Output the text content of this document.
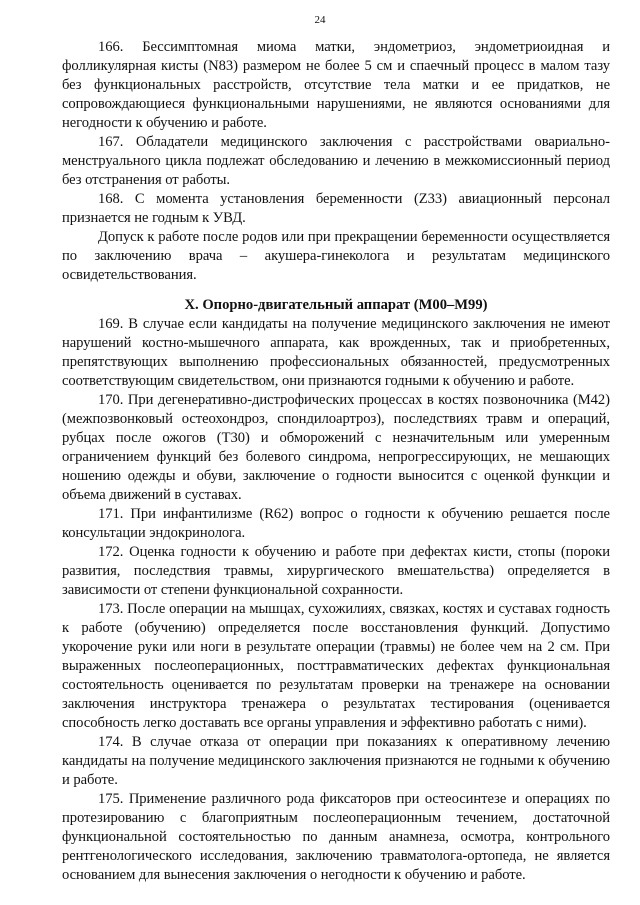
24

166. Бессимптомная миома матки, эндометриоз, эндометриоидная и фолликулярная кисты (N83) размером не более 5 см и спаечный процесс в малом тазу без функциональных расстройств, отсутствие тела матки и ее придатков, не сопровождающиеся функциональными нарушениями, не являются основаниями для негодности к обучению и работе.

167. Обладатели медицинского заключения с расстройствами овариально-менструального цикла подлежат обследованию и лечению в межкомиссионный период без отстранения от работы.

168. С момента установления беременности (Z33) авиационный персонал признается не годным к УВД.

Допуск к работе после родов или при прекращении беременности осуществляется по заключению врача – акушера-гинеколога и результатам медицинского освидетельствования.

X. Опорно-двигательный аппарат (M00–M99)

169. В случае если кандидаты на получение медицинского заключения не имеют нарушений костно-мышечного аппарата, как врожденных, так и приобретенных, препятствующих выполнению профессиональных обязанностей, предусмотренных соответствующим свидетельством, они признаются годными к обучению и работе.

170. При дегенеративно-дистрофических процессах в костях позвоночника (M42) (межпозвонковый остеохондроз, спондилоартроз), последствиях травм и операций, рубцах после ожогов (T30) и обморожений с незначительным или умеренным ограничением функций без болевого синдрома, непрогрессирующих, не мешающих ношению одежды и обуви, заключение о годности выносится с оценкой функции и объема движений в суставах.

171. При инфантилизме (R62) вопрос о годности к обучению решается после консультации эндокринолога.

172. Оценка годности к обучению и работе при дефектах кисти, стопы (пороки развития, последствия травмы, хирургического вмешательства) определяется в зависимости от степени функциональной сохранности.

173. После операции на мышцах, сухожилиях, связках, костях и суставах годность к работе (обучению) определяется после восстановления функций. Допустимо укорочение руки или ноги в результате операции (травмы) не более чем на 2 см. При выраженных послеоперационных, посттравматических дефектах функциональная состоятельность оценивается по результатам проверки на тренажере на основании заключения инструктора тренажера о результатах тестирования (оценивается способность легко доставать все органы управления и эффективно работать с ними).

174. В случае отказа от операции при показаниях к оперативному лечению кандидаты на получение медицинского заключения признаются не годными к обучению и работе.

175. Применение различного рода фиксаторов при остеосинтезе и операциях по протезированию с благоприятным послеоперационным течением, достаточной функциональной состоятельностью по данным анамнеза, осмотра, контрольного рентгенологического исследования, заключению травматолога-ортопеда, не является основанием для вынесения заключения о негодности к обучению и работе.
